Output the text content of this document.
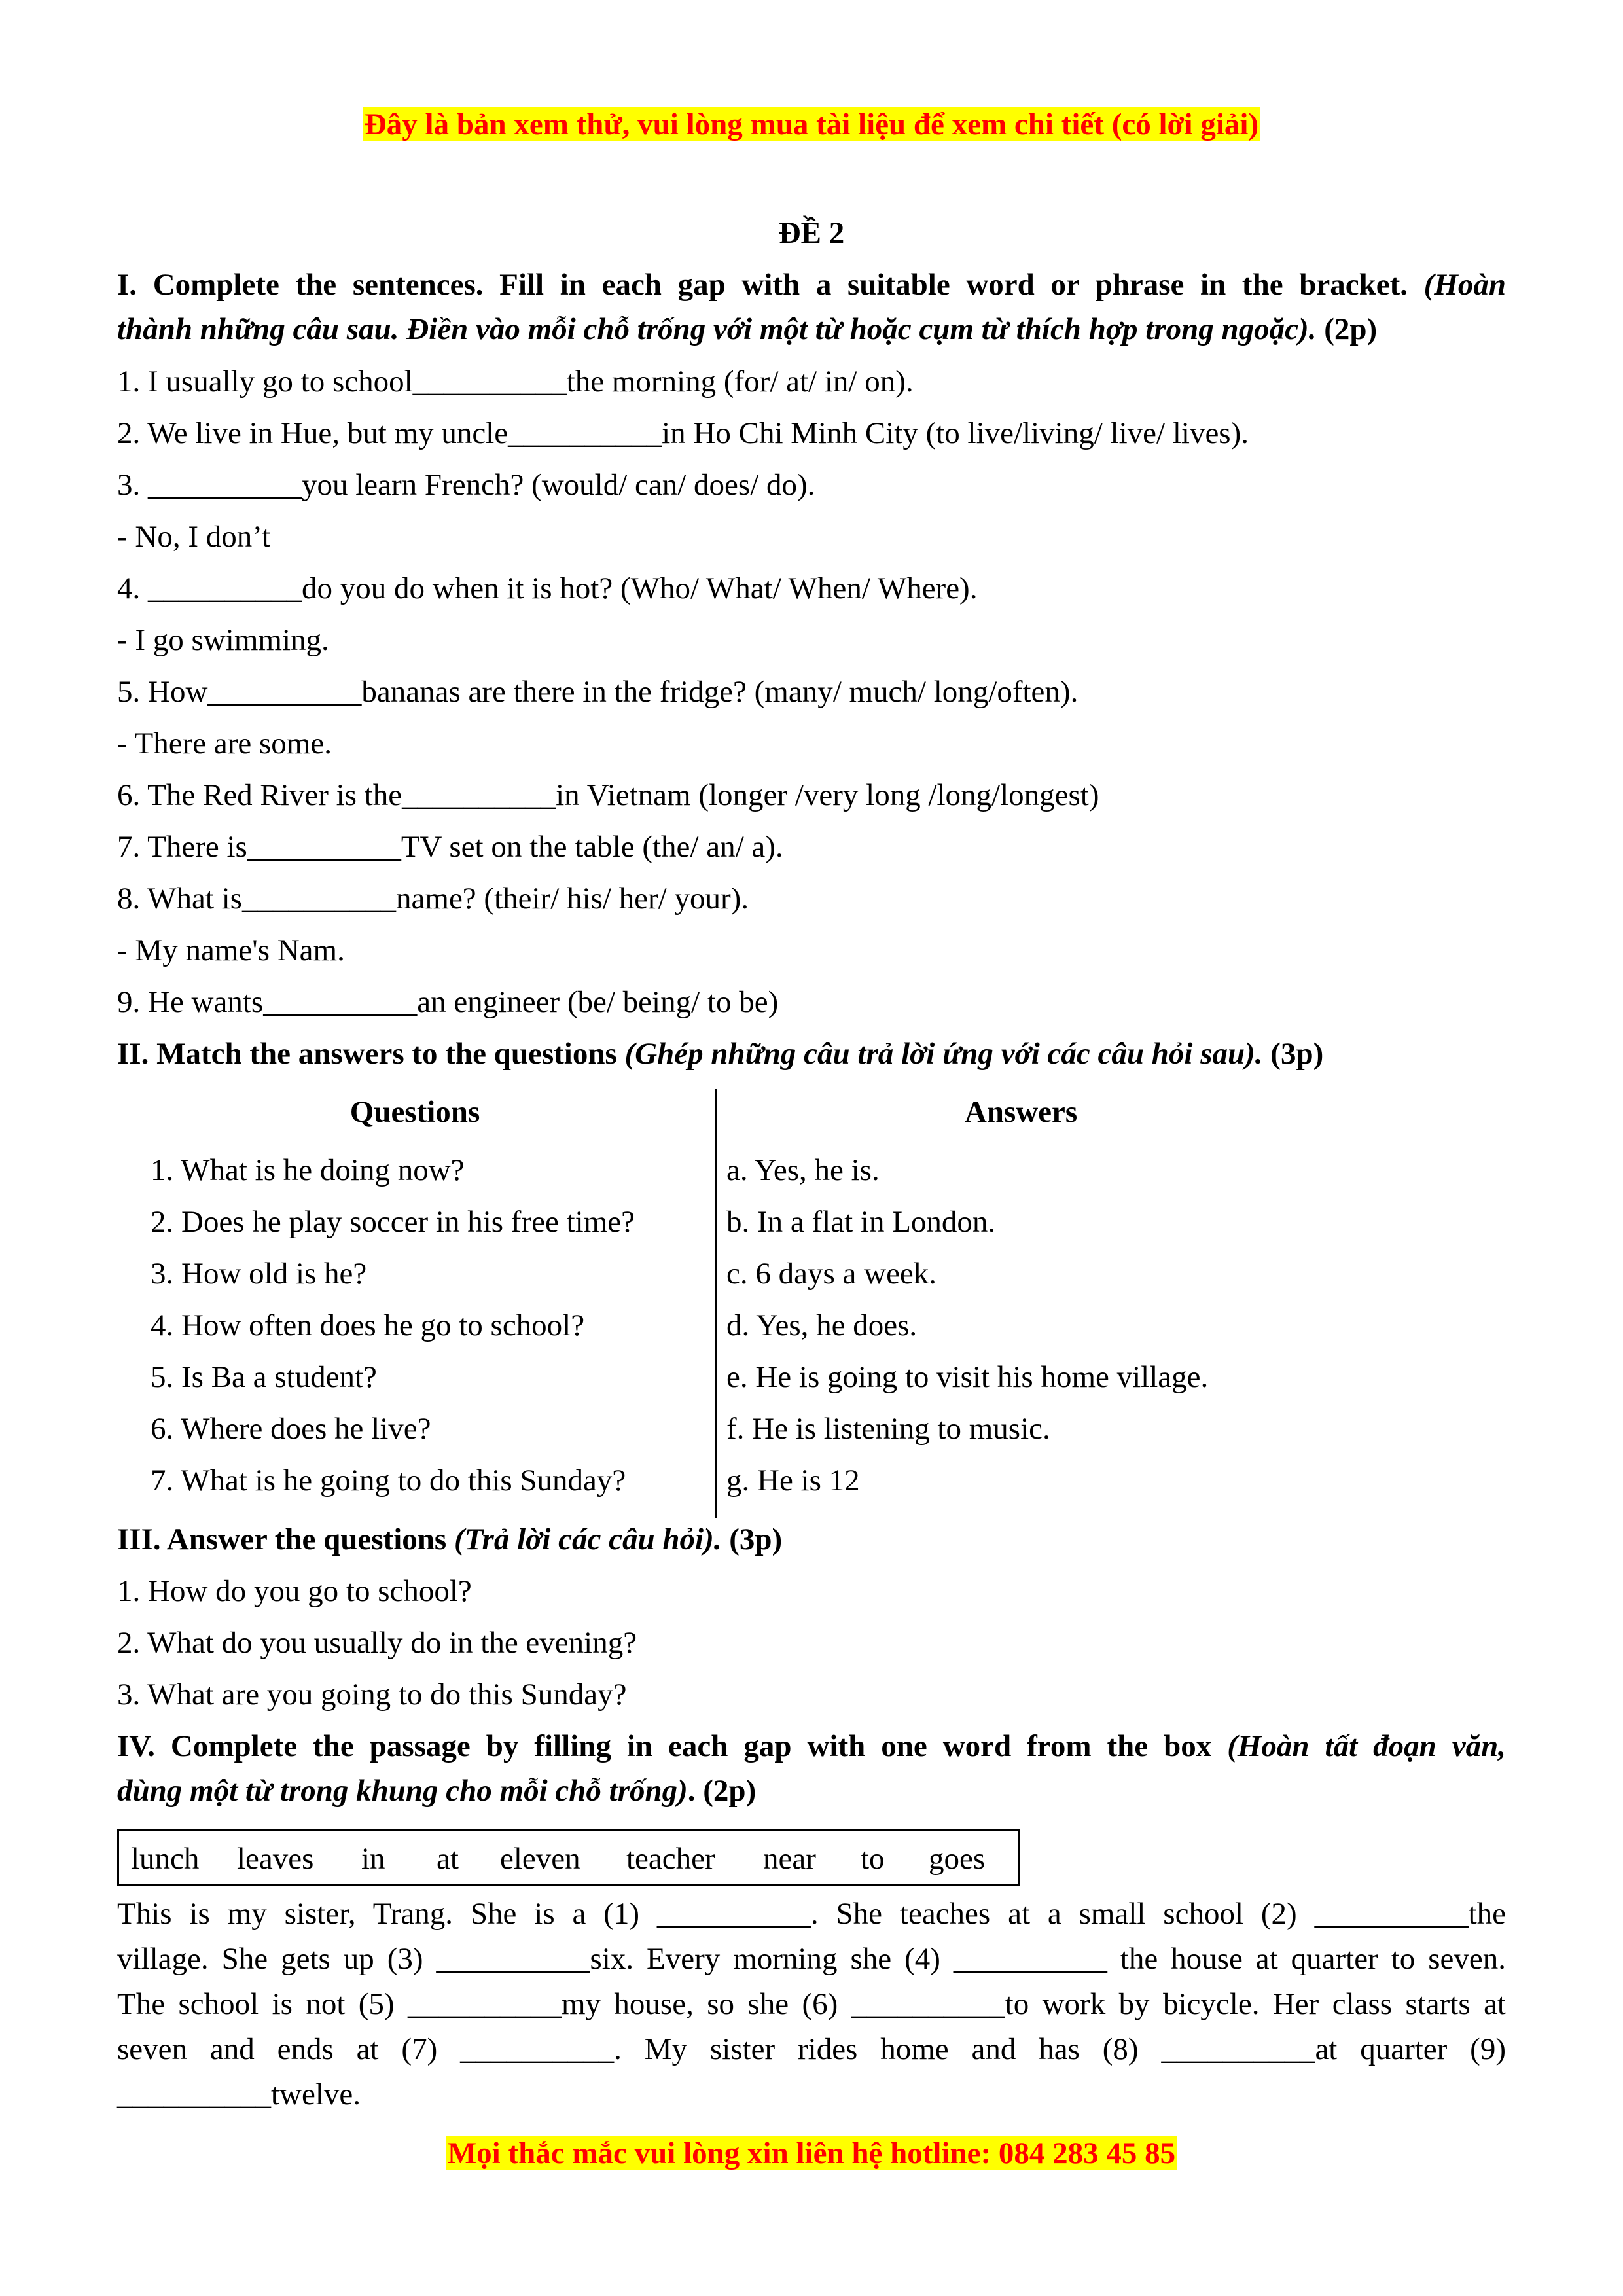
Đây là bản xem thử, vui lòng mua tài liệu để xem chi tiết (có lời giải)
ĐỀ 2
I. Complete the sentences. Fill in each gap with a suitable word or phrase in the bracket. (Hoàn
thành những câu sau. Điền vào mỗi chỗ trống với một từ hoặc cụm từ thích hợp trong ngoặc). (2p)
1. I usually go to school__________the morning (for/ at/ in/ on).
2. We live in Hue, but my uncle__________in Ho Chi Minh City (to live/living/ live/ lives).
3. __________you learn French? (would/ can/ does/ do).
- No, I don’t
4. __________do you do when it is hot? (Who/ What/ When/ Where).
- I go swimming.
5. How__________bananas are there in the fridge? (many/ much/ long/often).
- There are some.
6. The Red River is the__________in Vietnam (longer /very long /long/longest)
7. There is__________TV set on the table (the/ an/ a).
8. What is__________name? (their/ his/ her/ your).
- My name's Nam.
9. He wants__________an engineer (be/ being/ to be)
II. Match the answers to the questions (Ghép những câu trả lời ứng với các câu hỏi sau). (3p)
Questions	Answers
1. What is he doing now?
2. Does he play soccer in his free time?
3. How old is he?
4. How often does he go to school?
5. Is Ba a student?
6. Where does he live?
7. What is he going to do this Sunday?
a. Yes, he is.
b. In a flat in London.
c. 6 days a week.
d. Yes, he does.
e. He is going to visit his home village.
f. He is listening to music.
g. He is 12
III. Answer the questions (Trả lời các câu hỏi). (3p)
1. How do you go to school?
2. What do you usually do in the evening?
3. What are you going to do this Sunday?
IV. Complete the passage by filling in each gap with one word from the box (Hoàn tất đoạn văn,
dùng một từ trong khung cho mỗi chỗ trống). (2p)
lunch leaves in at eleven teacher near to goes
This is my sister, Trang. She is a (1) __________. She teaches at a small school (2) __________the
village. She gets up (3) __________six. Every morning she (4) __________ the house at quarter to seven.
The school is not (5) __________my house, so she (6) __________to work by bicycle. Her class starts at
seven and ends at (7) __________. My sister rides home and has (8) __________at quarter (9)
__________twelve.
Mọi thắc mắc vui lòng xin liên hệ hotline: 084 283 45 85
